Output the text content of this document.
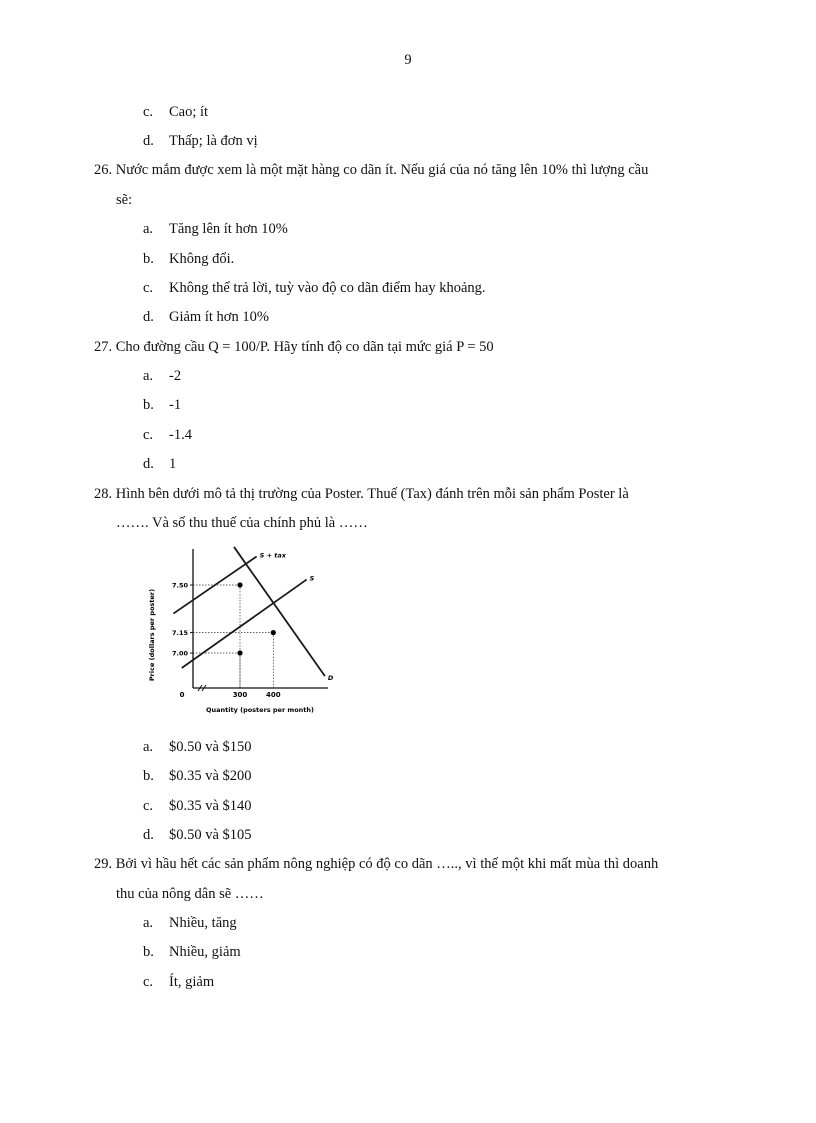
9
c. Cao; ít
d. Thấp; là đơn vị
26. Nước mắm được xem là một mặt hàng co dãn ít. Nếu giá của nó tăng lên 10% thì lượng cầu
sẽ:
a. Tăng lên ít hơn 10%
b. Không đổi.
c. Không thể trả lời, tuỳ vào độ co dãn điểm hay khoảng.
d. Giảm ít hơn 10%
27. Cho đường cầu Q = 100/P. Hãy tính độ co dãn tại mức giá P = 50
a. -2
b. -1
c. -1.4
d. 1
28. Hình bên dưới mô tả thị trường của Poster. Thuế (Tax) đánh trên mỗi sản phẩm Poster là
……. Và số thu thuế của chính phủ là ……
Price (dollars per poster)
Quantity (posters per month)
0
7.50
7.15
7.00
300	400
S + tax
S
D
a. $0.50 và $150
b. $0.35 và $200
c. $0.35 và $140
d. $0.50 và $105
29. Bởi vì hầu hết các sản phẩm nông nghiệp có độ co dãn ….., vì thế một khi mất mùa thì doanh
thu của nông dân sẽ ……
a. Nhiều, tăng
b. Nhiều, giảm
c. Ít, giảm
